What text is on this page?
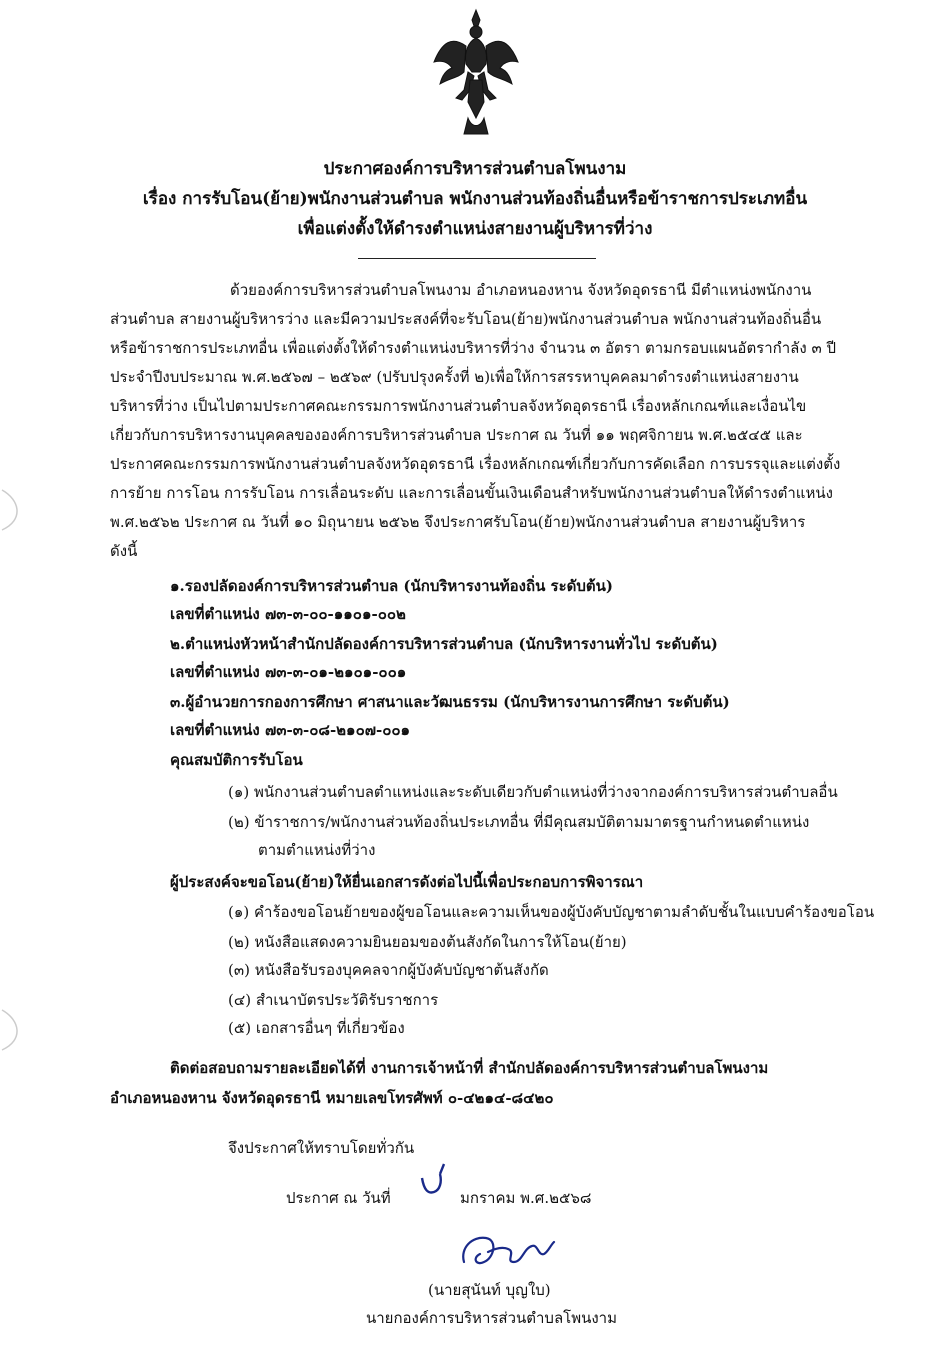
ประกาศองค์การบริหารส่วนตำบลโพนงาม
เรื่อง การรับโอน(ย้าย)พนักงานส่วนตำบล พนักงานส่วนท้องถิ่นอื่นหรือข้าราชการประเภทอื่น
เพื่อแต่งตั้งให้ดำรงตำแหน่งสายงานผู้บริหารที่ว่าง

ด้วยองค์การบริหารส่วนตำบลโพนงาม อำเภอหนองหาน จังหวัดอุดรธานี มีตำแหน่งพนักงาน

ส่วนตำบล สายงานผู้บริหารว่าง และมีความประสงค์ที่จะรับโอน(ย้าย)พนักงานส่วนตำบล พนักงานส่วนท้องถิ่นอื่น

หรือข้าราชการประเภทอื่น เพื่อแต่งตั้งให้ดำรงตำแหน่งบริหารที่ว่าง จำนวน ๓ อัตรา ตามกรอบแผนอัตรากำลัง ๓ ปี

ประจำปีงบประมาณ พ.ศ.๒๕๖๗ – ๒๕๖๙ (ปรับปรุงครั้งที่ ๒)เพื่อให้การสรรหาบุคคลมาดำรงตำแหน่งสายงาน

บริหารที่ว่าง เป็นไปตามประกาศคณะกรรมการพนักงานส่วนตำบลจังหวัดอุดรธานี เรื่องหลักเกณฑ์และเงื่อนไข

เกี่ยวกับการบริหารงานบุคคลขององค์การบริหารส่วนตำบล ประกาศ ณ วันที่ ๑๑ พฤศจิกายน พ.ศ.๒๕๔๕ และ

ประกาศคณะกรรมการพนักงานส่วนตำบลจังหวัดอุดรธานี เรื่องหลักเกณฑ์เกี่ยวกับการคัดเลือก การบรรจุและแต่งตั้ง

การย้าย การโอน การรับโอน การเลื่อนระดับ และการเลื่อนขั้นเงินเดือนสำหรับพนักงานส่วนตำบลให้ดำรงตำแหน่ง

พ.ศ.๒๕๖๒ ประกาศ ณ วันที่ ๑๐ มิถุนายน ๒๕๖๒ จึงประกาศรับโอน(ย้าย)พนักงานส่วนตำบล สายงานผู้บริหาร

ดังนี้

๑.รองปลัดองค์การบริหารส่วนตำบล (นักบริหารงานท้องถิ่น ระดับต้น)
เลขที่ตำแหน่ง ๗๓-๓-๐๐-๑๑๐๑-๐๐๒
๒.ตำแหน่งหัวหน้าสำนักปลัดองค์การบริหารส่วนตำบล (นักบริหารงานทั่วไป ระดับต้น)
เลขที่ตำแหน่ง ๗๓-๓-๐๑-๒๑๐๑-๐๐๑
๓.ผู้อำนวยการกองการศึกษา ศาสนาและวัฒนธรรม (นักบริหารงานการศึกษา ระดับต้น)
เลขที่ตำแหน่ง ๗๓-๓-๐๘-๒๑๐๗-๐๐๑
คุณสมบัติการรับโอน
(๑) พนักงานส่วนตำบลตำแหน่งและระดับเดียวกับตำแหน่งที่ว่างจากองค์การบริหารส่วนตำบลอื่น
(๒) ข้าราชการ/พนักงานส่วนท้องถิ่นประเภทอื่น ที่มีคุณสมบัติตามมาตรฐานกำหนดตำแหน่ง
ตามตำแหน่งที่ว่าง
ผู้ประสงค์จะขอโอน(ย้าย)ให้ยื่นเอกสารดังต่อไปนี้เพื่อประกอบการพิจารณา
(๑) คำร้องขอโอนย้ายของผู้ขอโอนและความเห็นของผู้บังคับบัญชาตามลำดับชั้นในแบบคำร้องขอโอน
(๒) หนังสือแสดงความยินยอมของต้นสังกัดในการให้โอน(ย้าย)
(๓) หนังสือรับรองบุคคลจากผู้บังคับบัญชาต้นสังกัด
(๔) สำเนาบัตรประวัติรับราชการ
(๕) เอกสารอื่นๆ ที่เกี่ยวข้อง
ติดต่อสอบถามรายละเอียดได้ที่ งานการเจ้าหน้าที่ สำนักปลัดองค์การบริหารส่วนตำบลโพนงาม
อำเภอหนองหาน จังหวัดอุดรธานี หมายเลขโทรศัพท์ ๐-๔๒๑๔-๘๔๒๐
จึงประกาศให้ทราบโดยทั่วกัน
ประกาศ ณ วันที่	มกราคม พ.ศ.๒๕๖๘
(นายสุนันท์ บุญใบ)
นายกองค์การบริหารส่วนตำบลโพนงาม
